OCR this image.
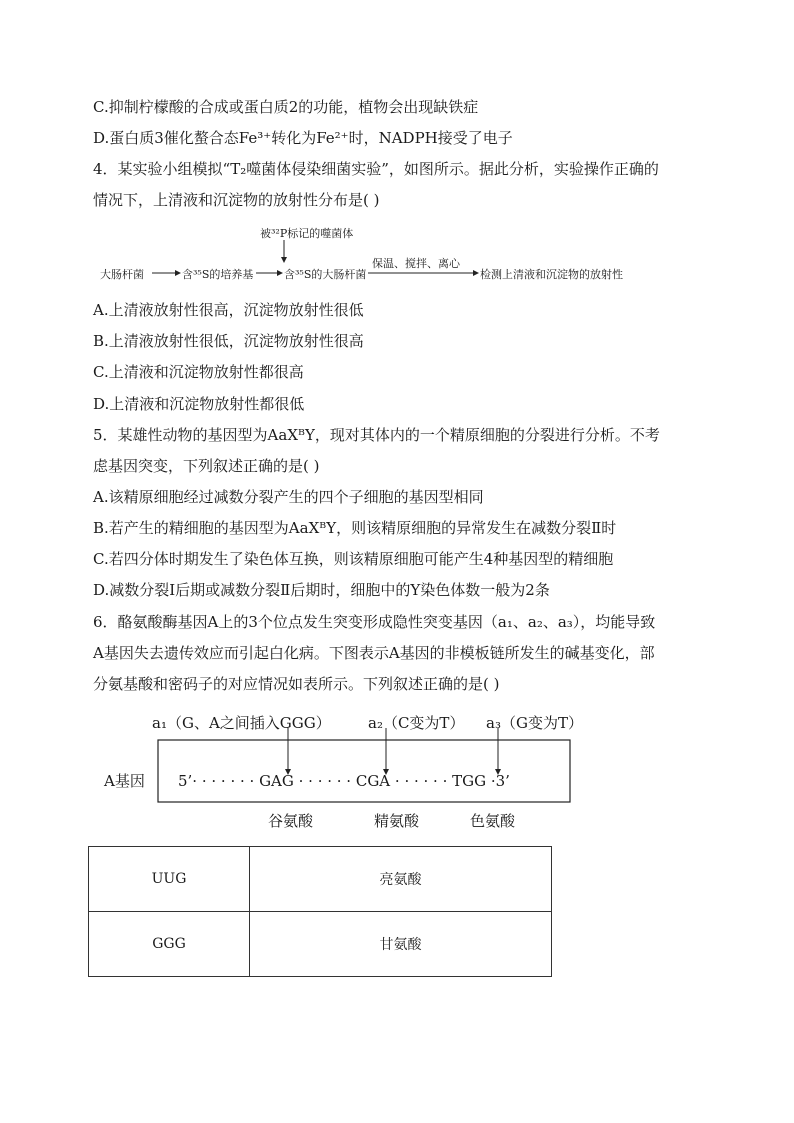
C.抑制柠檬酸的合成或蛋白质2的功能，植物会出现缺铁症
D.蛋白质3催化螯合态Fe³⁺转化为Fe²⁺时，NADPH接受了电子
4．某实验小组模拟“T₂噬菌体侵染细菌实验”，如图所示。据此分析，实验操作正确的
情况下，上清液和沉淀物的放射性分布是( )
被³²P标记的噬菌体
大肠杆菌	含³⁵S的培养基	含³⁵S的大肠杆菌
保温、搅拌、离心
检测上清液和沉淀物的放射性
A.上清液放射性很高，沉淀物放射性很低
B.上清液放射性很低，沉淀物放射性很高
C.上清液和沉淀物放射性都很高
D.上清液和沉淀物放射性都很低
5．某雄性动物的基因型为AaXᴮY，现对其体内的一个精原细胞的分裂进行分析。不考
虑基因突变，下列叙述正确的是( )
A.该精原细胞经过减数分裂产生的四个子细胞的基因型相同
B.若产生的精细胞的基因型为AaXᴮY，则该精原细胞的异常发生在减数分裂Ⅱ时
C.若四分体时期发生了染色体互换，则该精原细胞可能产生4种基因型的精细胞
D.减数分裂Ⅰ后期或减数分裂Ⅱ后期时，细胞中的Y染色体数一般为2条
6．酪氨酸酶基因A上的3个位点发生突变形成隐性突变基因（a₁、a₂、a₃），均能导致
A基因失去遗传效应而引起白化病。下图表示A基因的非模板链所发生的碱基变化，部
分氨基酸和密码子的对应情况如表所示。下列叙述正确的是( )
a₁（G、A之间插入GGG） a₂（C变为T） a₃（G变为T）
A基因 5’· · · · · · · GAG · · · · · · CGA · · · · · · TGG ·3’
谷氨酸	精氨酸	色氨酸
UUG	亮氨酸
GGG	甘氨酸
